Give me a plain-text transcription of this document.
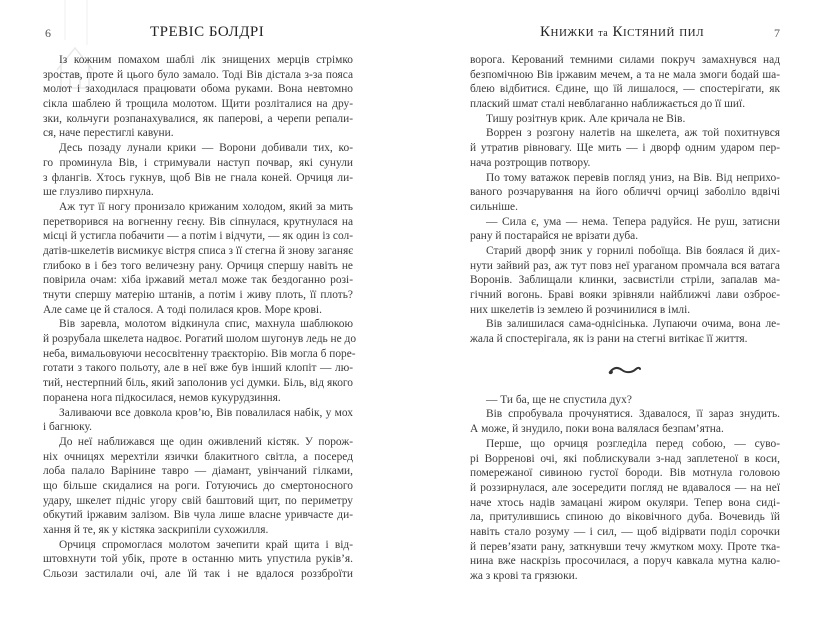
6	ТРЕВІС БОЛДРІ	Книжки та Кістяний пил	7
Із кожним помахом шаблі лік знищених мерців стрімко
зростав, проте й цього було замало. Тоді Вів дістала з-за пояса
молот і заходилася працювати обома руками. Вона невтомно
сікла шаблею й трощила молотом. Щити розліталися на дру-
зки, кольчуги розпанахувалися, як паперові, а черепи репали-
ся, наче перестиглі кавуни.
Десь позаду лунали крики — Ворони добивали тих, ко-
го проминула Вів, і стримували наступ почвар, які сунули
з флангів. Хтось гукнув, щоб Вів не гнала коней. Орчиця ли-
ше глузливо пирхнула.
Аж тут її ногу пронизало крижаним холодом, який за мить
перетворився на вогненну геєну. Вів сіпнулася, крутнулася на
місці й устигла побачити — а потім і відчути, — як один із сол-
датів-шкелетів висмикує вістря списа з її стегна й знову заганяє
глибоко в і без того величезну рану. Орчиця спершу навіть не
повірила очам: хіба іржавий метал може так бездоганно розі-
тнути спершу матерію штанів, а потім і живу плоть, її плоть?
Але саме це й сталося. А тоді полилася кров. Море крові.
Вів заревла, молотом відкинула спис, махнула шаблюкою
й розрубала шкелета надвоє. Рогатий шолом шугонув ледь не до
неба, вимальовуючи несосвітенну траєкторію. Вів могла б поре-
готати з такого польоту, але в неї вже був інший клопіт — лю-
тий, нестерпний біль, який заполонив усі думки. Біль, від якого
поранена нога підкосилася, немов кукурудзиння.
Заливаючи все довкола кров’ю, Вів повалилася набік, у мох
і багнюку.
До неї наближався ще один оживлений кістяк. У порож-
ніх очницях мерехтіли язички блакитного світла, а посеред
лоба палало Варінине тавро — діамант, увінчаний гілками,
що більше скидалися на роги. Готуючись до смертоносного
удару, шкелет підніс угору свій баштовий щит, по периметру
обкутий іржавим залізом. Вів чула лише власне уривчасте ди-
хання й те, як у кістяка заскрипіли сухожилля.
Орчиця спромоглася молотом зачепити край щита і від-
штовхнути той убік, проте в останню мить упустила руків’я.
Сльози застилали очі, але їй так і не вдалося роззброїти
ворога. Керований темними силами покруч замахнувся над
безпомічною Вів іржавим мечем, а та не мала змоги бодай ша-
блею відбитися. Єдине, що їй лишалося, — спостерігати, як
плаский шмат сталі невблаганно наближається до її шиї.
Тишу розітнув крик. Але кричала не Вів.
Воррен з розгону налетів на шкелета, аж той похитнувся
й утратив рівновагу. Ще мить — і дворф одним ударом пер-
нача розтрощив потвору.
По тому ватажок перевів погляд униз, на Вів. Від неприхо-
ваного розчарування на його обличчі орчиці заболіло вдвічі
сильніше.
— Сила є, ума — нема. Тепера радуйся. Не руш, затисни
рану й постарайся не врізати дуба.
Старий дворф зник у горнилі побоїща. Вів боялася й дих-
нути зайвий раз, аж тут повз неї ураганом промчала вся ватага
Воронів. Заблищали клинки, засвистіли стріли, запалав ма-
гічний вогонь. Браві вояки зрівняли найближчі лави озброє-
них шкелетів із землею й розчинилися в імлі.
Вів залишилася сама-однісінька. Лупаючи очима, вона ле-
жала й спостерігала, як із рани на стегні витікає її життя.
— Ти ба, ще не спустила дух?
Вів спробувала прочунятися. Здавалося, її зараз знудить.
А може, й знудило, поки вона валялася безпам’ятна.
Перше, що орчиця розгледіла перед собою, — суво-
рі Ворренові очі, які поблискували з-над заплетеної в коси,
помережаної сивиною густої бороди. Вів мотнула головою
й роззирнулася, але зосередити погляд не вдавалося — на неї
наче хтось надів замацані жиром окуляри. Тепер вона сиді-
ла, притулившись спиною до віковічного дуба. Вочевидь їй
навіть стало розуму — і сил, — щоб відірвати поділ сорочки
й перев’язати рану, заткнувши течу жмутком моху. Проте тка-
нина вже наскрізь просочилася, а поруч кавкала мутна калю-
жа з крові та грязюки.
